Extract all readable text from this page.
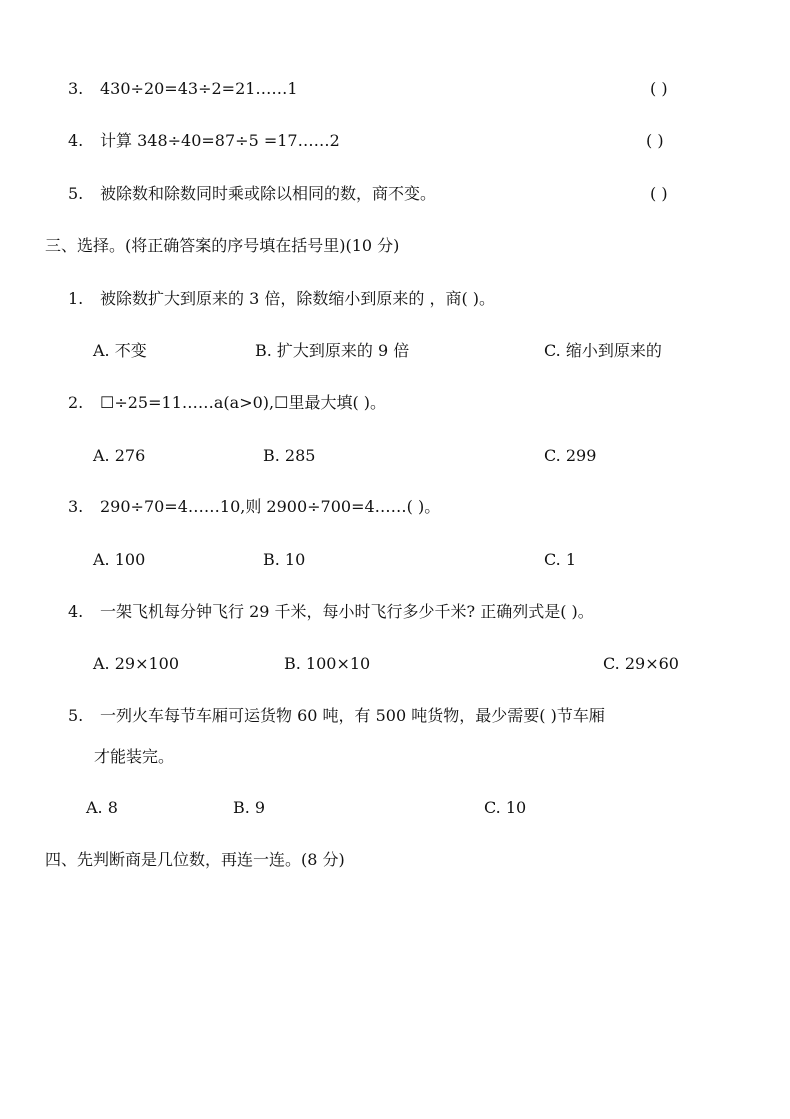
3. 430÷20=43÷2=21……1	( )
4. 计算 348÷40=87÷5 =17……2	( )
5. 被除数和除数同时乘或除以相同的数，商不变。	( )
三、选择。(将正确答案的序号填在括号里)(10 分)
1. 被除数扩大到原来的 3 倍，除数缩小到原来的 ，商( )。
A. 不变	B. 扩大到原来的 9 倍	C. 缩小到原来的
2. ☐÷25=11……a(a>0),☐里最大填( )。
A. 276	B. 285	C. 299
3. 290÷70=4……10,则 2900÷700=4……( )。
A. 100	B. 10	C. 1
4. 一架飞机每分钟飞行 29 千米，每小时飞行多少千米? 正确列式是( )。
A. 29×100	B. 100×10	C. 29×60
5. 一列火车每节车厢可运货物 60 吨，有 500 吨货物，最少需要( )节车厢
才能装完。
A. 8	B. 9	C. 10
四、先判断商是几位数，再连一连。(8 分)
